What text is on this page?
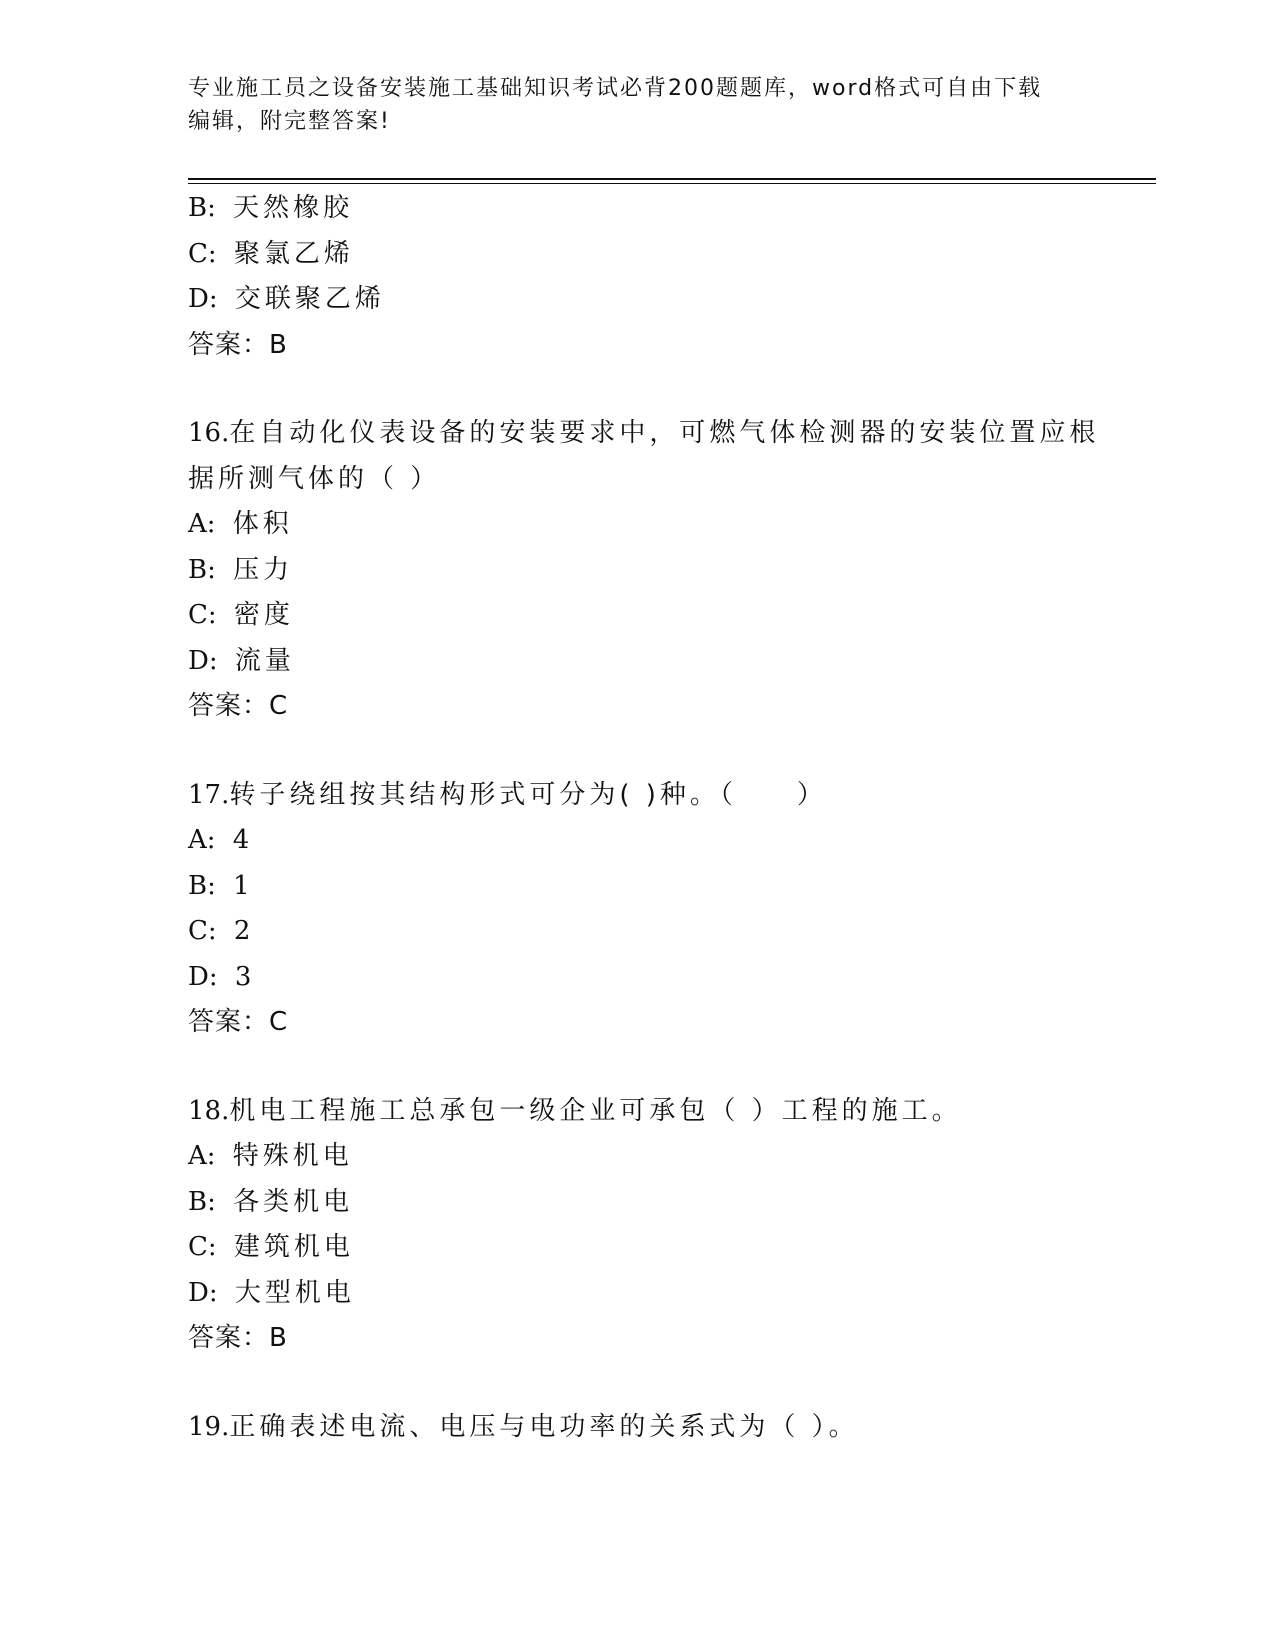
专业施工员之设备安装施工基础知识考试必背200题题库，word格式可自由下载
编辑，附完整答案!
B: 天然橡胶
C: 聚氯乙烯
D: 交联聚乙烯
答案：B
16.在自动化仪表设备的安装要求中，可燃气体检测器的安装位置应根
据所测气体的（ ）
A: 体积
B: 压力
C: 密度
D: 流量
答案：C
17.转子绕组按其结构形式可分为( )种。（　　）
A: 4
B: 1
C: 2
D: 3
答案：C
18.机电工程施工总承包一级企业可承包（ ）工程的施工。
A: 特殊机电
B: 各类机电
C: 建筑机电
D: 大型机电
答案：B
19.正确表述电流、电压与电功率的关系式为（ ）。
